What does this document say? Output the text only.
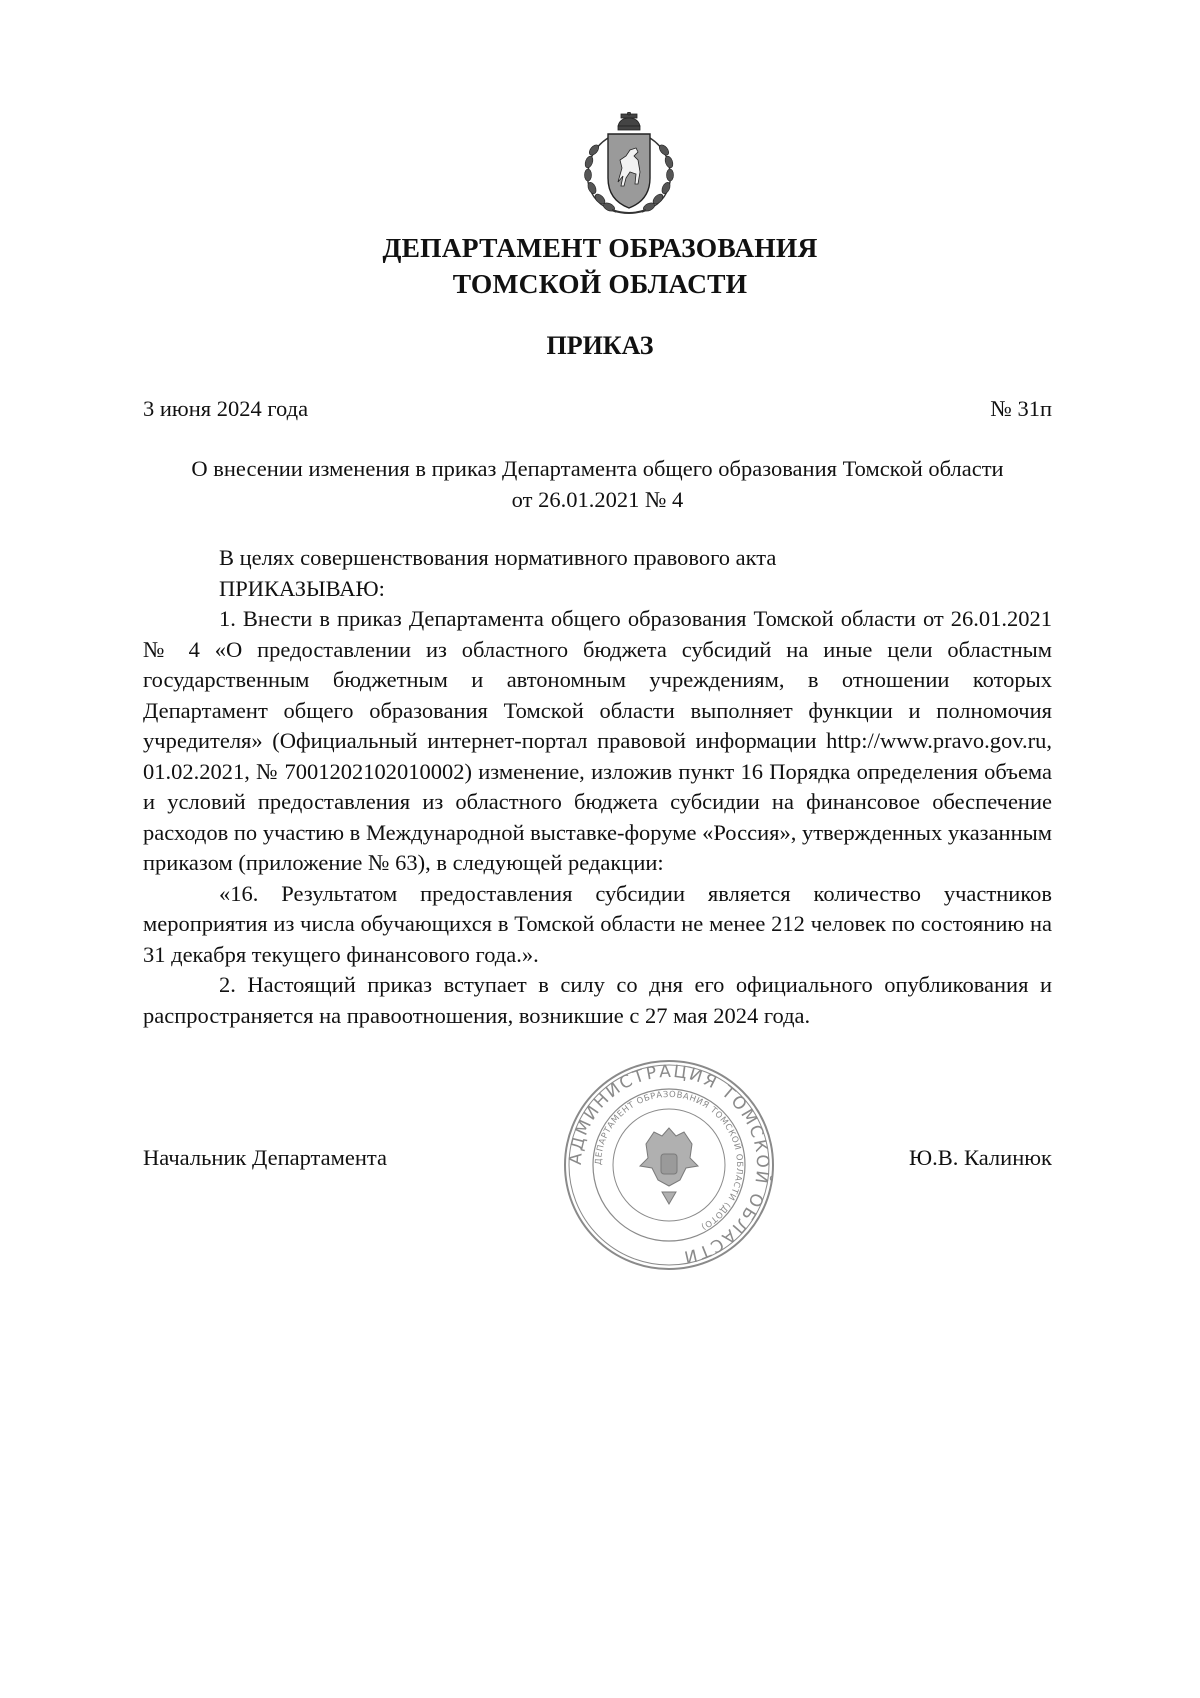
ДЕПАРТАМЕНТ ОБРАЗОВАНИЯ
ТОМСКОЙ ОБЛАСТИ
ПРИКАЗ
3 июня 2024 года	№ 31п
О внесении изменения в приказ Департамента общего образования Томской области
от 26.01.2021 № 4

В целях совершенствования нормативного правового акта

ПРИКАЗЫВАЮ:

1. Внести в приказ Департамента общего образования Томской области от 26.01.2021 № 4 «О предоставлении из областного бюджета субсидий на иные цели областным государственным бюджетным и автономным учреждениям, в отношении которых Департамент общего образования Томской области выполняет функции и полномочия учредителя» (Официальный интернет-портал правовой информации http://www.pravo.gov.ru, 01.02.2021, № 7001202102010002) изменение, изложив пункт 16 Порядка определения объема и условий предоставления из областного бюджета субсидии на финансовое обеспечение расходов по участию в Международной выставке-форуме «Россия», утвержденных указанным приказом (приложение № 63), в следующей редакции:

«16. Результатом предоставления субсидии является количество участников мероприятия из числа обучающихся в Томской области не менее 212 человек по состоянию на 31 декабря текущего финансового года.».

2. Настоящий приказ вступает в силу со дня его официального опубликования и распространяется на правоотношения, возникшие с 27 мая 2024 года.

Начальник Департамента	Ю.В. Калинюк
АДМИНИСТРАЦИЯ ТОМСКОЙ ОБЛАСТИ
ДЕПАРТАМЕНТ ОБРАЗОВАНИЯ ТОМСКОЙ ОБЛАСТИ (ДОТО)
